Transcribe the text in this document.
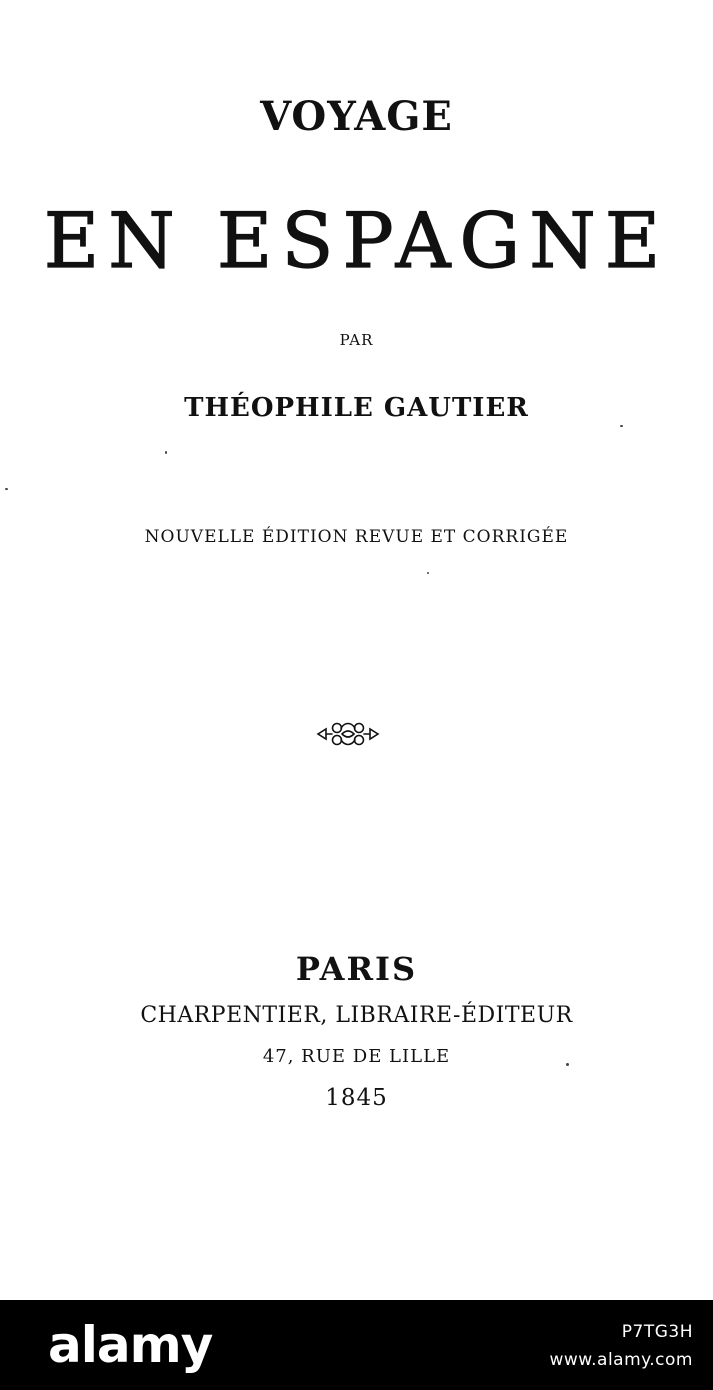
VOYAGE
EN ESPAGNE
PAR
THÉOPHILE GAUTIER
NOUVELLE ÉDITION REVUE ET CORRIGÉE
PARIS
CHARPENTIER, LIBRAIRE-ÉDITEUR
47, RUE DE LILLE
1845
alamy	P7TG3H
www.alamy.com
